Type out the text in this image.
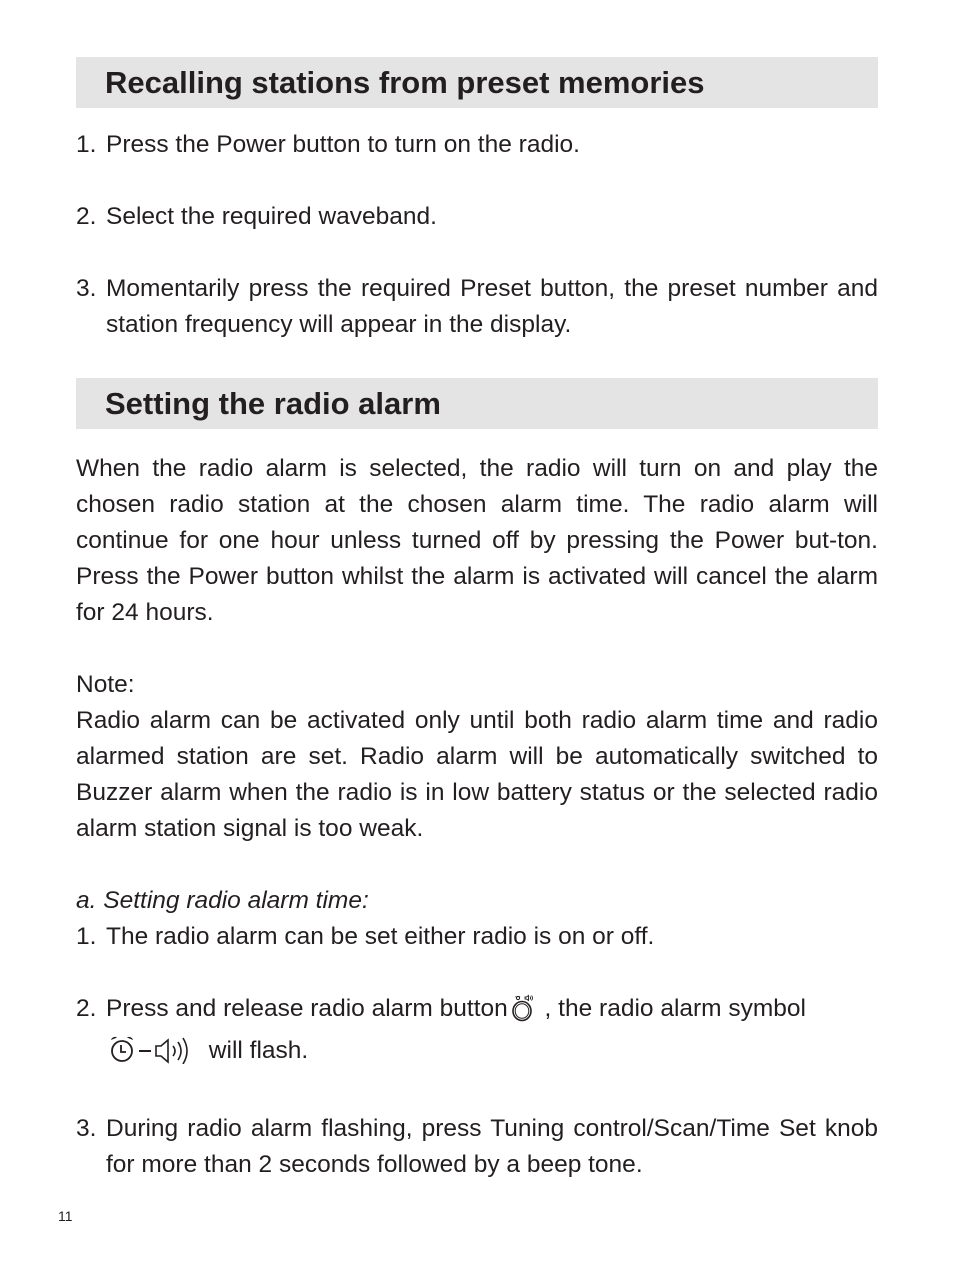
Recalling stations from preset memories
1. Press the Power button to turn on the radio.
2. Select the required waveband.
3. Momentarily press the required Preset button, the preset number and station frequency will appear in the display.
Setting the radio alarm
When the radio alarm is selected, the radio will turn on and play the chosen radio station at the chosen alarm time. The radio alarm will continue for one hour unless turned off by pressing the Power but-ton. Press the Power button whilst the alarm is activated will cancel the alarm for 24 hours.
Note:
Radio alarm can be activated only until both radio alarm time and radio alarmed station are set. Radio alarm will be automatically switched to Buzzer alarm when the radio is in low battery status or the selected radio alarm station signal is too weak.
a. Setting radio alarm time:
1. The radio alarm can be set either radio is on or off.
2. Press and release radio alarm button , the radio alarm symbol
will flash.
3. During radio alarm flashing, press Tuning control/Scan/Time Set knob for more than 2 seconds followed by a beep tone.
11
